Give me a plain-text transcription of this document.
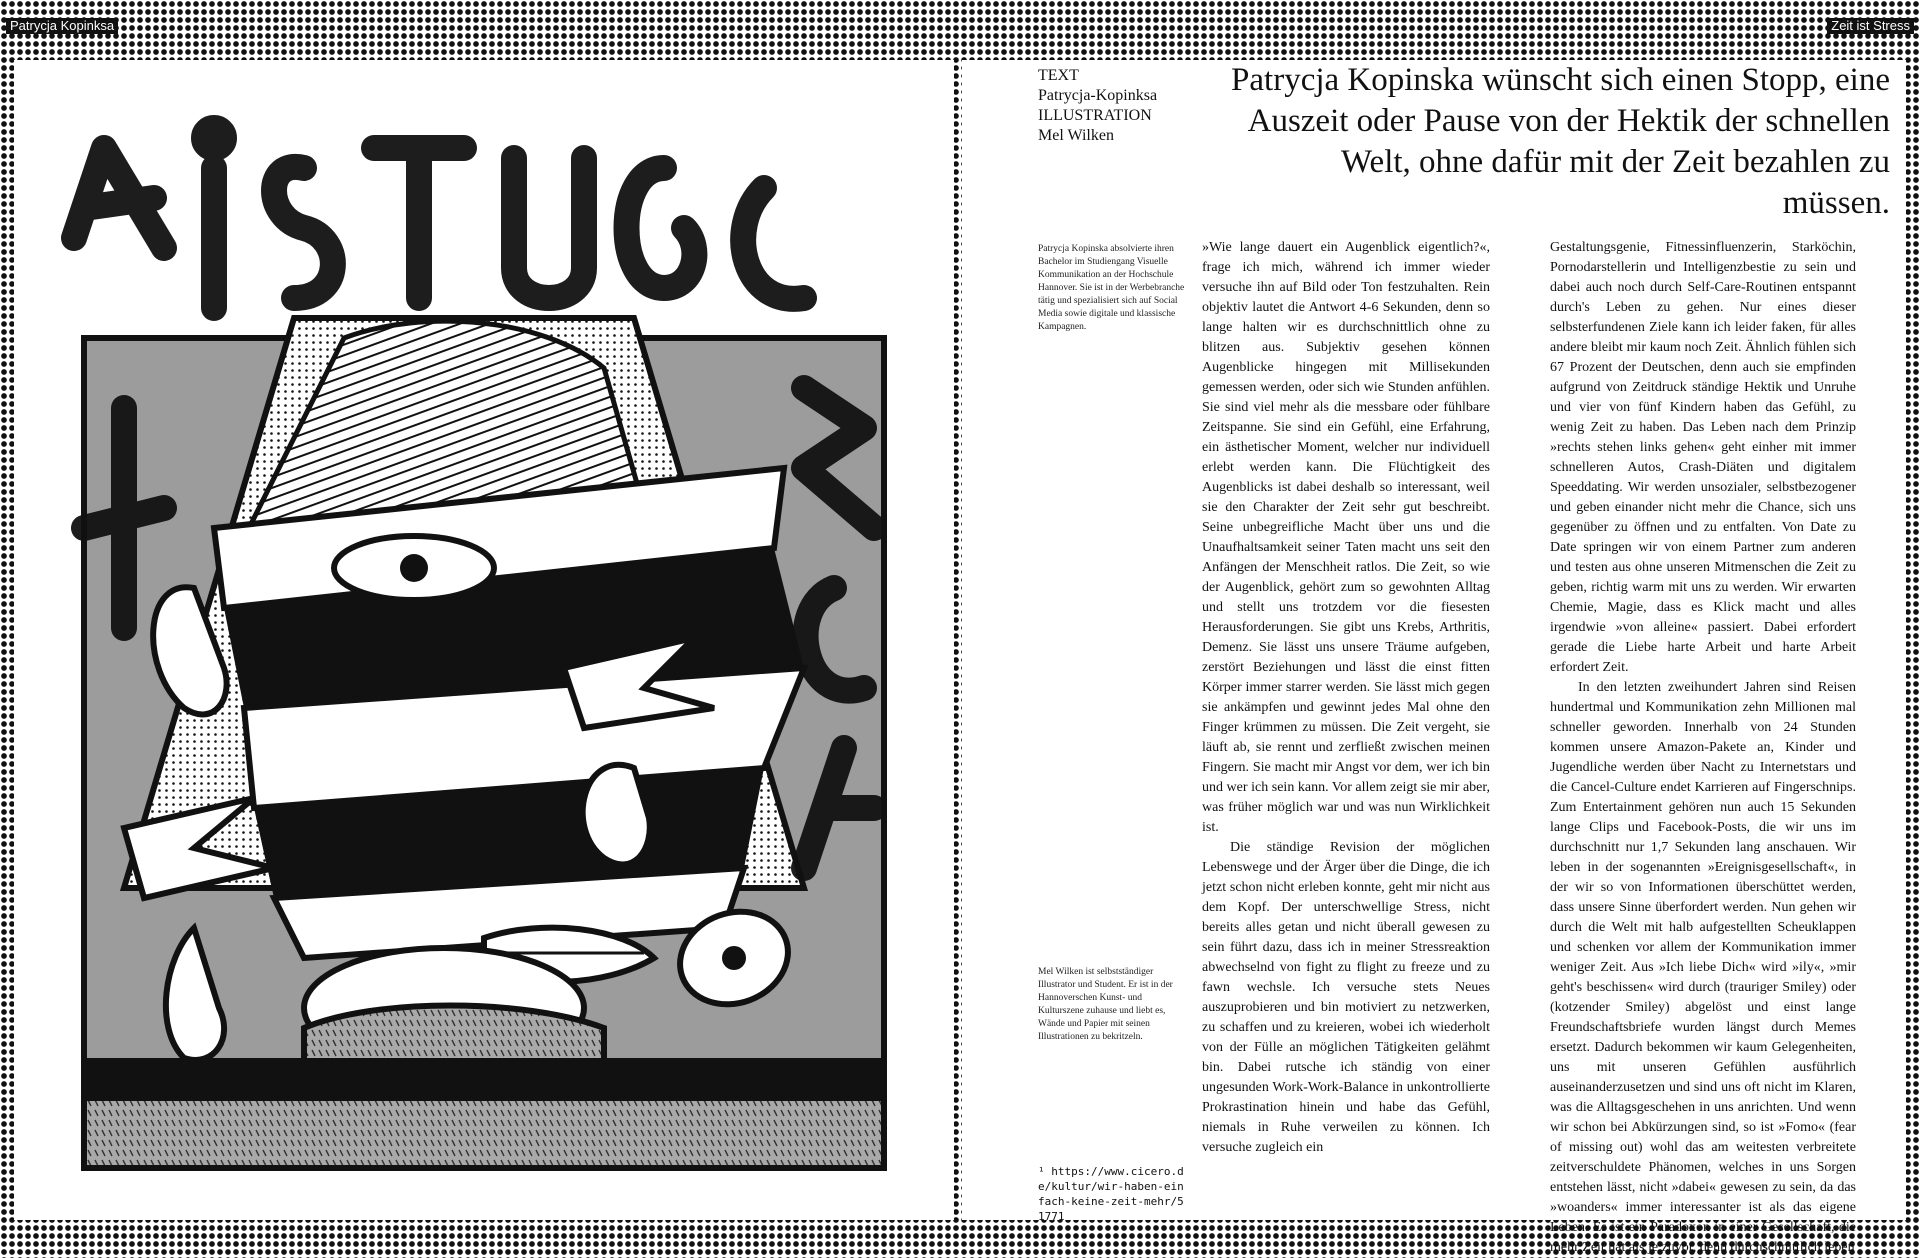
Patrycja Kopinksa	Zeit ist Stress
TEXT
Patrycja-Kopinksa
ILLUSTRATION
Mel Wilken
Patrycja Kopinska wünscht sich einen Stopp, eine Auszeit oder Pause von der Hektik der schnellen Welt, ohne dafür mit der Zeit bezahlen zu müssen.
Patrycja Kopinska absolvierte ihren Bachelor im Studiengang Visuelle Kommunikation an der Hochschule Hannover. Sie ist in der Werbebranche tätig und spezialisiert sich auf Social Media sowie digitale und klassische Kampagnen.

»Wie lange dauert ein Augenblick eigentlich?«, frage ich mich, während ich immer wieder versuche ihn auf Bild oder Ton festzuhalten. Rein objektiv lautet die Antwort 4-6 Sekunden, denn so lange halten wir es durchschnittlich ohne zu blitzen aus. Subjektiv gesehen können Augenblicke hingegen mit Millisekunden gemessen werden, oder sich wie Stunden anfühlen. Sie sind viel mehr als die messbare oder fühlbare Zeitspanne. Sie sind ein Gefühl, eine Erfahrung, ein ästhetischer Moment, welcher nur individuell erlebt werden kann. Die Flüchtigkeit des Augenblicks ist dabei deshalb so interessant, weil sie den Charakter der Zeit sehr gut beschreibt. Seine unbegreifliche Macht über uns und die Unaufhaltsamkeit seiner Taten macht uns seit den Anfängen der Menschheit ratlos. Die Zeit, so wie der Augenblick, gehört zum so gewohnten Alltag und stellt uns trotzdem vor die fiesesten Herausforderungen. Sie gibt uns Krebs, Arthritis, Demenz. Sie lässt uns unsere Träume aufgeben, zerstört Beziehungen und lässt die einst fitten Körper immer starrer werden. Sie lässt mich gegen sie ankämpfen und gewinnt jedes Mal ohne den Finger krümmen zu müssen. Die Zeit vergeht, sie läuft ab, sie rennt und zerfließt zwischen meinen Fingern. Sie macht mir Angst vor dem, wer ich bin und wer ich sein kann. Vor allem zeigt sie mir aber, was früher möglich war und was nun Wirklichkeit ist.

Die ständige Revision der möglichen Lebenswege und der Ärger über die Dinge, die ich jetzt schon nicht erleben konnte, geht mir nicht aus dem Kopf. Der unterschwellige Stress, nicht bereits alles getan und nicht überall gewesen zu sein führt dazu, dass ich in meiner Stressreaktion abwechselnd von fight zu flight zu freeze und zu fawn wechsle. Ich versuche stets Neues auszuprobieren und bin motiviert zu netzwerken, zu schaffen und zu kreieren, wobei ich wiederholt von der Fülle an möglichen Tätigkeiten gelähmt bin. Dabei rutsche ich ständig von einer ungesunden Work-Work-Balance in unkontrollierte Prokrastination hinein und habe das Gefühl, niemals in Ruhe verweilen zu können. Ich versuche zugleich ein

Gestaltungsgenie, Fitnessinfluenzerin, Starköchin, Pornodarstellerin und Intelligenzbestie zu sein und dabei auch noch durch Self-Care-Routinen entspannt durch's Leben zu gehen. Nur eines dieser selbsterfundenen Ziele kann ich leider faken, für alles andere bleibt mir kaum noch Zeit. Ähnlich fühlen sich 67 Prozent der Deutschen, denn auch sie empfinden aufgrund von Zeitdruck ständige Hektik und Unruhe und vier von fünf Kindern haben das Gefühl, zu wenig Zeit zu haben. Das Leben nach dem Prinzip »rechts stehen links gehen« geht einher mit immer schnelleren Autos, Crash-Diäten und digitalem Speeddating. Wir werden unsozialer, selbstbezogener und geben einander nicht mehr die Chance, sich uns gegenüber zu öffnen und zu entfalten. Von Date zu Date springen wir von einem Partner zum anderen und testen aus ohne unseren Mitmenschen die Zeit zu geben, richtig warm mit uns zu werden. Wir erwarten Chemie, Magie, dass es Klick macht und alles irgendwie »von alleine« passiert. Dabei erfordert gerade die Liebe harte Arbeit und harte Arbeit erfordert Zeit.

In den letzten zweihundert Jahren sind Reisen hundertmal und Kommunikation zehn Millionen mal schneller geworden. Innerhalb von 24 Stunden kommen unsere Amazon-Pakete an, Kinder und Jugendliche werden über Nacht zu Internetstars und die Cancel-Culture endet Karrieren auf Fingerschnips. Zum Entertainment gehören nun auch 15 Sekunden lange Clips und Facebook-Posts, die wir uns im durchschnitt nur 1,7 Sekunden lang anschauen. Wir leben in der sogenannten »Ereignisgesellschaft«, in der wir so von Informationen überschüttet werden, dass unsere Sinne überfordert werden. Nun gehen wir durch die Welt mit halb aufgestellten Scheuklappen und schenken vor allem der Kommunikation immer weniger Zeit. Aus »Ich liebe Dich« wird »ily«, »mir geht's beschissen« wird durch (trauriger Smiley) oder (kotzender Smiley) abgelöst und einst lange Freundschaftsbriefe wurden längst durch Memes ersetzt. Dadurch bekommen wir kaum Gelegenheiten, uns mit unseren Gefühlen ausführlich auseinanderzusetzen und sind uns oft nicht im Klaren, was die Alltagsgeschehen in uns anrichten. Und wenn wir schon bei Abkürzungen sind, so ist »Fomo« (fear of missing out) wohl das am weitesten verbreitete zeitverschuldete Phänomen, welches in uns Sorgen entstehen lässt, nicht »dabei« gewesen zu sein, da das »woanders« immer interessanter ist als das eigene Leben. Es ist ein Paradoxon in einer Gesellschaft, die mehr Zeit hat als je zuvor, denn durchschnittlich leben

Mel Wilken ist selbstständiger Illustrator und Student. Er ist in der Hannoverschen Kunst- und Kulturszene zuhause und liebt es, Wände und Papier mit seinen Illustrationen zu bekritzeln.
¹ https://www.cicero.de/kultur/wir-haben-einfach-keine-zeit-mehr/51771
